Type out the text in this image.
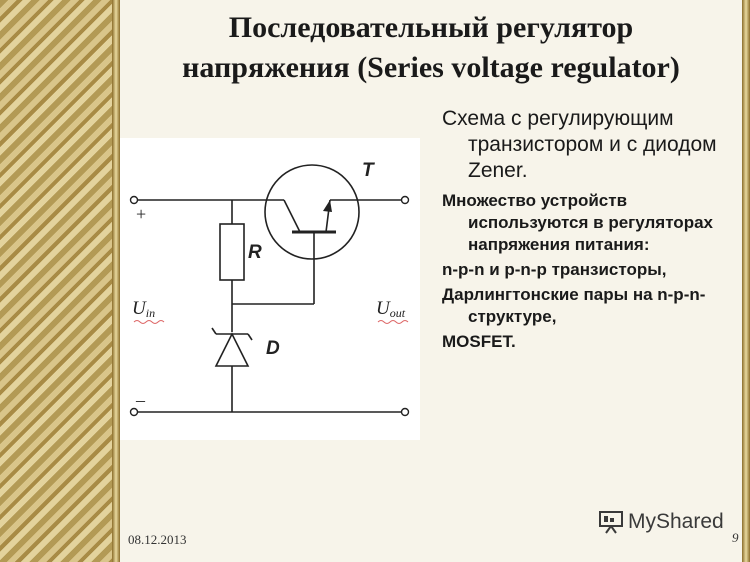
Последовательный регулятор
напряжения (Series voltage regulator)
T
R
D
+
–
Uin	Uout

Схема с регулирующим транзистором и с диодом Zener.

Множество устройств используются в регуляторах напряжения питания:

n-p-n и p-n-p транзисторы,

Дарлингтонские пары на n-p-n-структуре,

MOSFET.

MyShared
08.12.2013	9
